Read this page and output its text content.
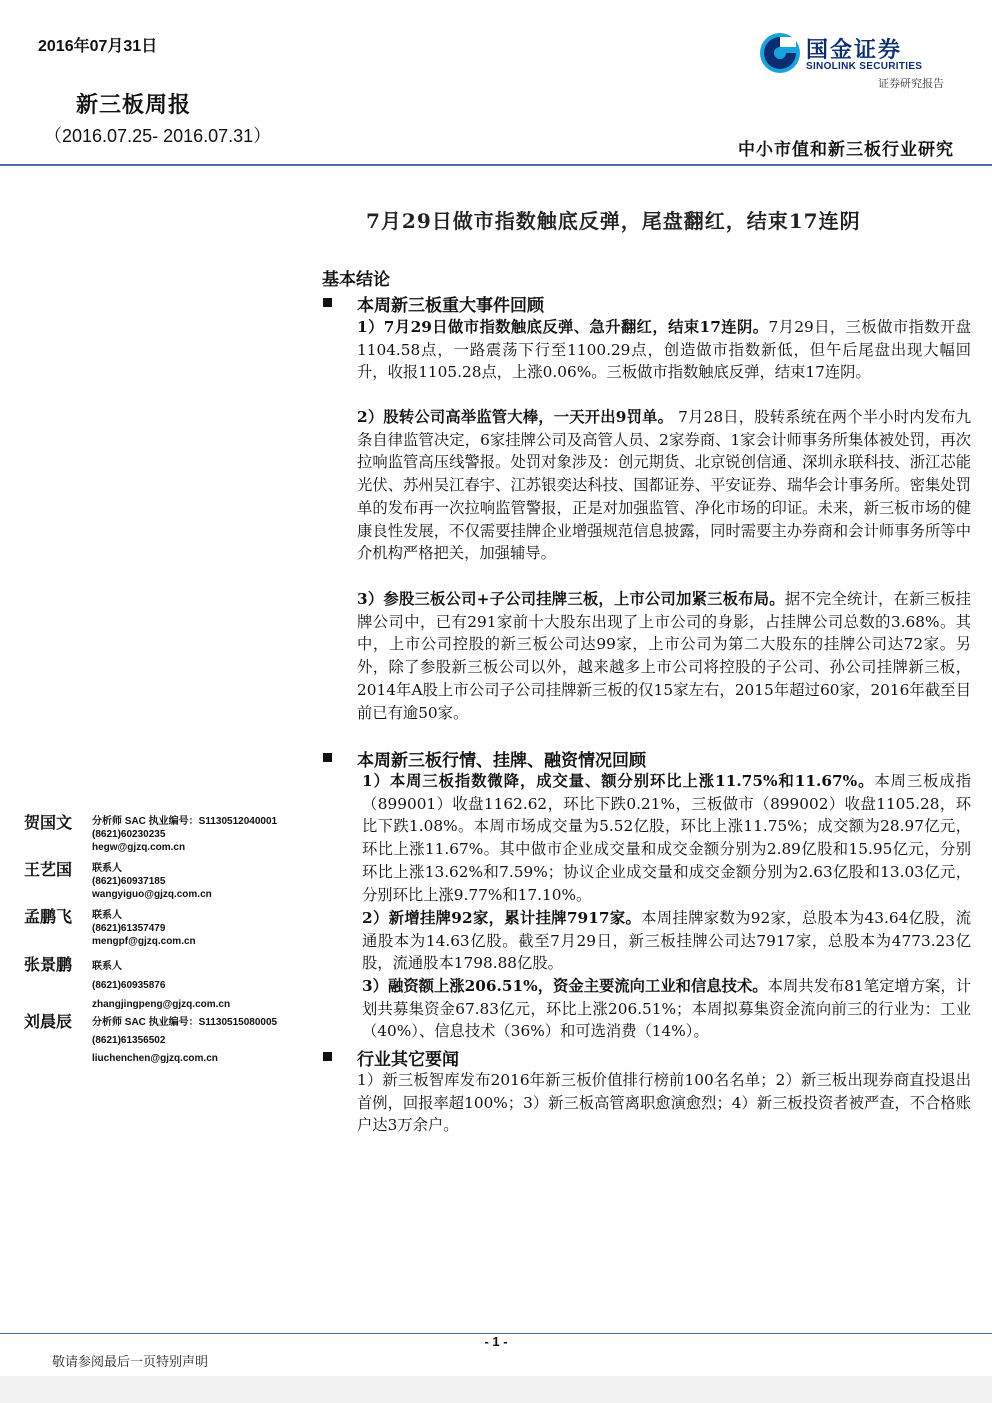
2016年07月31日
新三板周报
（2016.07.25- 2016.07.31）
国金证券
SINOLINK SECURITIES
证券研究报告
中小市值和新三板行业研究
7月29日做市指数触底反弹，尾盘翻红，结束17连阴
基本结论
本周新三板重大事件回顾
1）7月29日做市指数触底反弹、急升翻红，结束17连阴。7月29日，三板做市指数开盘1104.58点，一路震荡下行至1100.29点，创造做市指数新低，但午后尾盘出现大幅回升，收报1105.28点，上涨0.06%。三板做市指数触底反弹，结束17连阴。
2）股转公司高举监管大棒，一天开出9罚单。 7月28日，股转系统在两个半小时内发布九条自律监管决定，6家挂牌公司及高管人员、2家券商、1家会计师事务所集体被处罚，再次拉响监管高压线警报。处罚对象涉及：创元期货、北京锐创信通、深圳永联科技、浙江芯能光伏、苏州吴江春宇、江苏银奕达科技、国都证券、平安证券、瑞华会计事务所。密集处罚单的发布再一次拉响监管警报，正是对加强监管、净化市场的印证。未来，新三板市场的健康良性发展，不仅需要挂牌企业增强规范信息披露，同时需要主办券商和会计师事务所等中介机构严格把关，加强辅导。
3）参股三板公司+子公司挂牌三板，上市公司加紧三板布局。据不完全统计，在新三板挂牌公司中，已有291家前十大股东出现了上市公司的身影，占挂牌公司总数的3.68%。其中，上市公司控股的新三板公司达99家，上市公司为第二大股东的挂牌公司达72家。另外，除了参股新三板公司以外，越来越多上市公司将控股的子公司、孙公司挂牌新三板，2014年A股上市公司子公司挂牌新三板的仅15家左右，2015年超过60家，2016年截至目前已有逾50家。
本周新三板行情、挂牌、融资情况回顾
1）本周三板指数微降，成交量、额分别环比上涨11.75%和11.67%。本周三板成指（899001）收盘1162.62，环比下跌0.21%，三板做市（899002）收盘1105.28，环比下跌1.08%。本周市场成交量为5.52亿股，环比上涨11.75%；成交额为28.97亿元，环比上涨11.67%。其中做市企业成交量和成交金额分别为2.89亿股和15.95亿元，分别环比上涨13.62%和7.59%；协议企业成交量和成交金额分别为2.63亿股和13.03亿元，分别环比上涨9.77%和17.10%。
2）新增挂牌92家，累计挂牌7917家。本周挂牌家数为92家，总股本为43.64亿股，流通股本为14.63亿股。截至7月29日，新三板挂牌公司达7917家，总股本为4773.23亿股，流通股本1798.88亿股。
3）融资额上涨206.51%，资金主要流向工业和信息技术。本周共发布81笔定增方案，计划共募集资金67.83亿元，环比上涨206.51%；本周拟募集资金流向前三的行业为：工业（40%）、信息技术（36%）和可选消费（14%）。
行业其它要闻
1）新三板智库发布2016年新三板价值排行榜前100名名单；2）新三板出现券商直投退出首例，回报率超100%；3）新三板高管离职愈演愈烈；4）新三板投资者被严查，不合格账户达3万余户。
贺国文 分析师 SAC 执业编号：S1130512040001
(8621)60230235
hegw@gjzq.com.cn
王艺国 联系人
(8621)60937185
wangyiguo@gjzq.com.cn
孟鹏飞 联系人
(8621)61357479
mengpf@gjzq.com.cn
张景鹏 联系人
(8621)60935876
zhangjingpeng@gjzq.com.cn
刘晨辰 分析师 SAC 执业编号：S1130515080005
(8621)61356502
liuchenchen@gjzq.com.cn
- 1 -
敬请参阅最后一页特别声明
